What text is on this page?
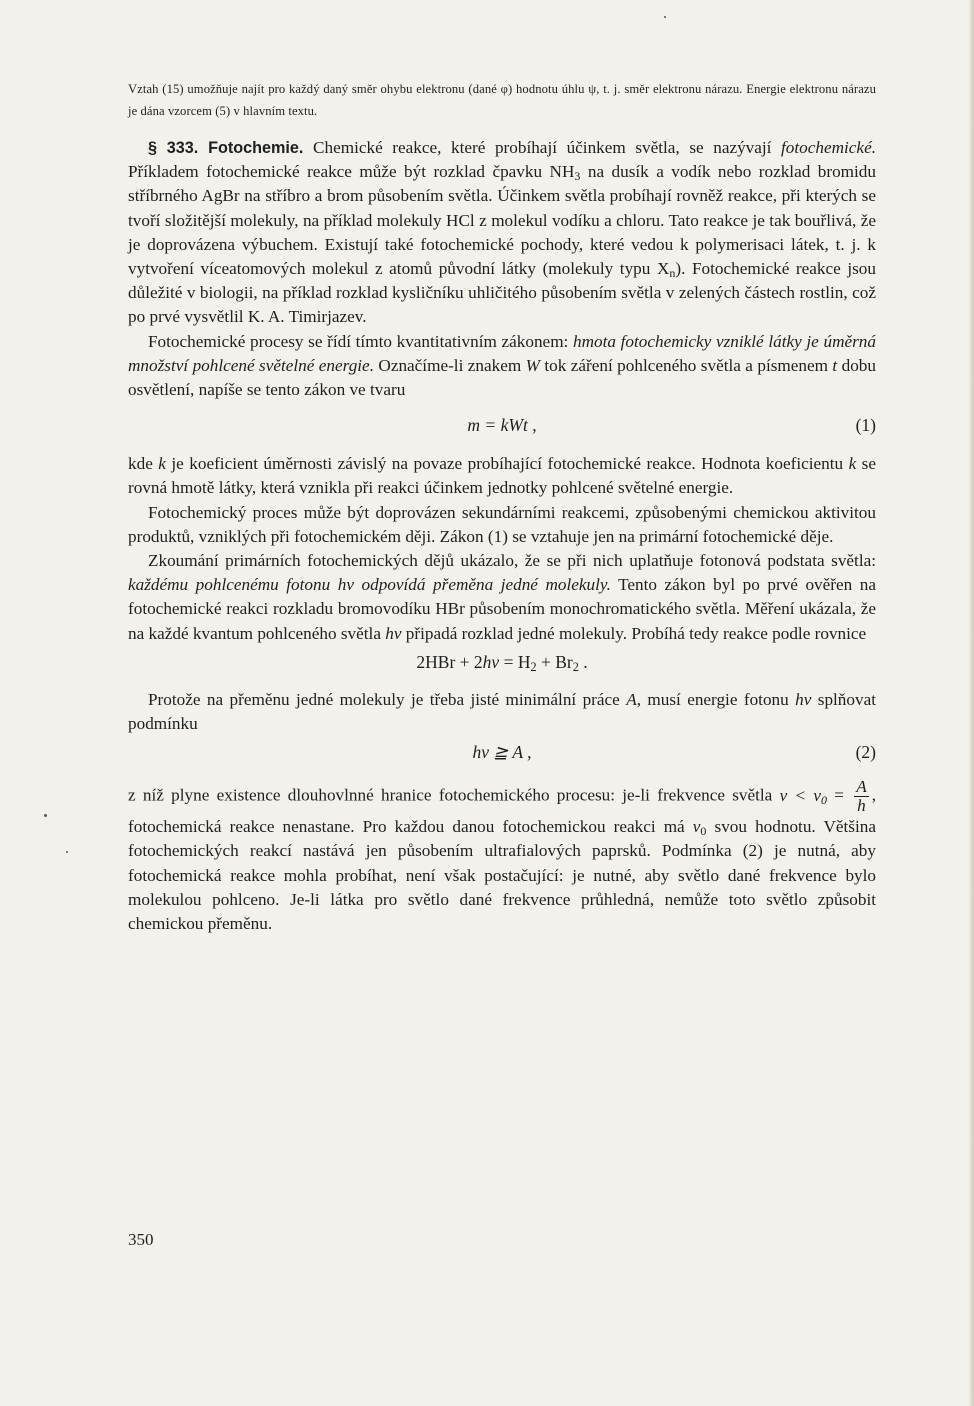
Vztah (15) umožňuje najít pro každý daný směr ohybu elektronu (dané φ) hodnotu úhlu ψ, t. j. směr elektronu nárazu. Energie elektronu nárazu je dána vzorcem (5) v hlavním textu.

§ 333. Fotochemie. Chemické reakce, které probíhají účinkem světla, se nazývají fotochemické. Příkladem fotochemické reakce může být rozklad čpavku $NH_3$ na dusík a vodík nebo rozklad bromidu stříbrného AgBr na stříbro a brom působením světla. Účinkem světla probíhají rovněž reakce, při kterých se tvoří složitější molekuly, na příklad molekuly HCl z molekul vodíku a chloru. Tato reakce je tak bouřlivá, že je doprovázena výbuchem. Existují také fotochemické pochody, které vedou k polymerisaci látek, t. j. k vytvoření víceatomových molekul z atomů původní látky (molekuly typu $X_n$). Fotochemické reakce jsou důležité v biologii, na příklad rozklad kysličníku uhličitého působením světla v zelených částech rostlin, což po prvé vysvětlil K. A. Timirjazev.

Fotochemické procesy se řídí tímto kvantitativním zákonem: hmota fotochemicky vzniklé látky je úměrná množství pohlcené světelné energie. Označíme-li znakem W tok záření pohlceného světla a písmenem t dobu osvětlení, napíše se tento zákon ve tvaru

m = kWt ,	(1)

kde k je koeficient úměrnosti závislý na povaze probíhající fotochemické reakce. Hodnota koeficientu k se rovná hmotě látky, která vznikla při reakci účinkem jednotky pohlcené světelné energie.

Fotochemický proces může být doprovázen sekundárními reakcemi, způsobenými chemickou aktivitou produktů, vzniklých při fotochemickém ději. Zákon (1) se vztahuje jen na primární fotochemické děje.

Zkoumání primárních fotochemických dějů ukázalo, že se při nich uplatňuje fotonová podstata světla: každému pohlcenému fotonu hν odpovídá přeměna jedné molekuly. Tento zákon byl po prvé ověřen na fotochemické reakci rozkladu bromovodíku HBr působením monochromatického světla. Měření ukázala, že na každé kvantum pohlceného světla hν připadá rozklad jedné molekuly. Probíhá tedy reakce podle rovnice

$2HBr + 2h\nu = H_2 + Br_2$ .

Protože na přeměnu jedné molekuly je třeba jisté minimální práce A, musí energie fotonu hν splňovat podmínku

hν ≧ A ,	(2)

z níž plyne existence dlouhovlnné hranice fotochemického procesu: je-li frekvence světla $\nu < \nu_0 = \frac{A}{h}$ , fotochemická reakce nenastane. Pro každou danou fotochemickou reakci má $\nu_0$ svou hodnotu. Většina fotochemických reakcí nastává jen působením ultrafialových paprsků. Podmínka (2) je nutná, aby fotochemická reakce mohla probíhat, není však postačující: je nutné, aby světlo dané frekvence bylo molekulou pohlceno. Je-li látka pro světlo dané frekvence průhledná, nemůže toto světlo způsobit chemickou přeměnu.

350
